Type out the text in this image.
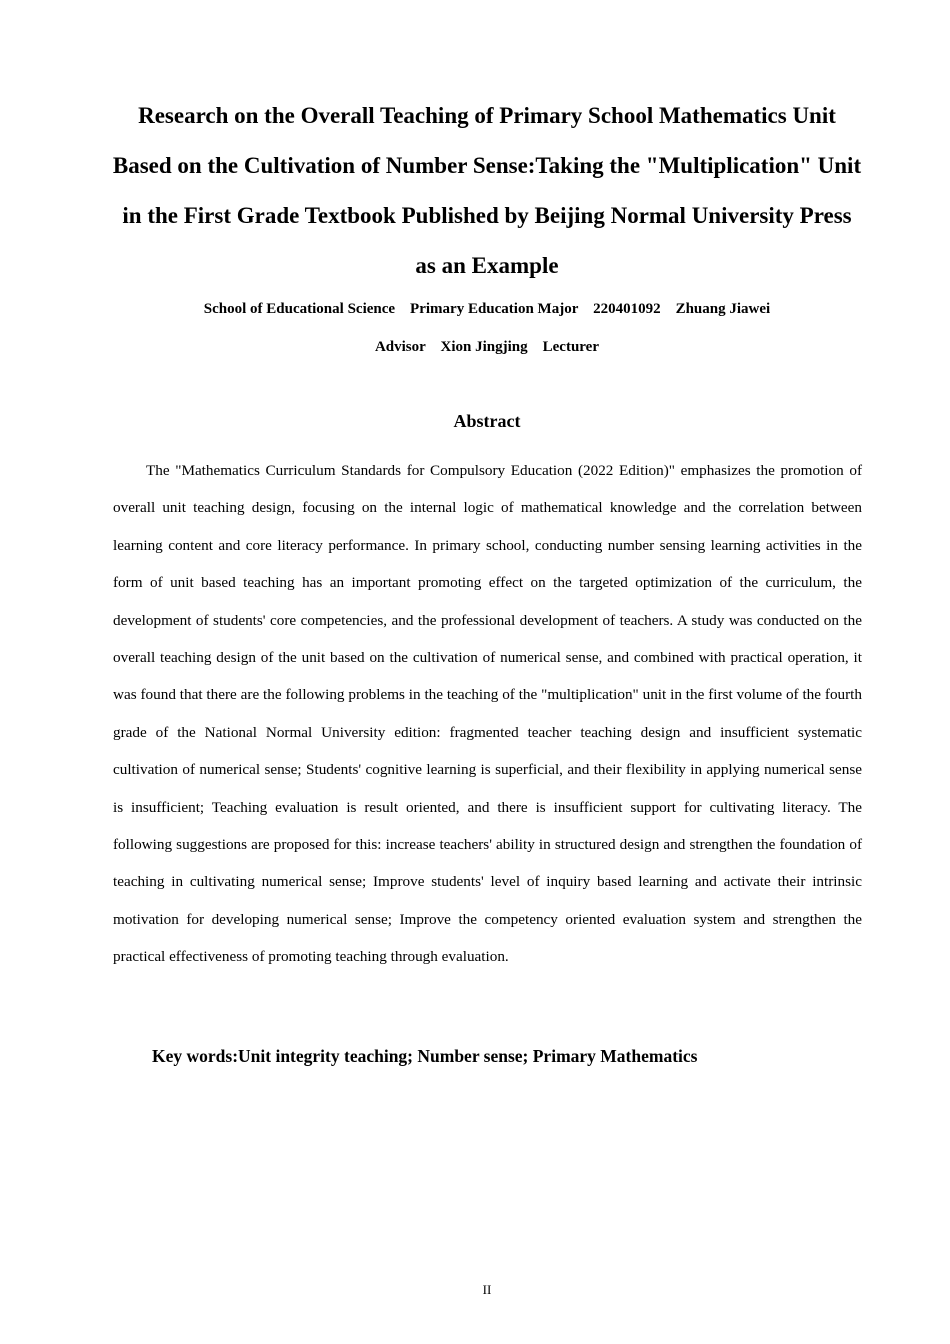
Research on the Overall Teaching of Primary School Mathematics Unit Based on the Cultivation of Number Sense:Taking the "Multiplication" Unit in the First Grade Textbook Published by Beijing Normal University Press as an Example
School of Educational Science    Primary Education Major    220401092    Zhuang Jiawei
Advisor    Xion Jingjing    Lecturer
Abstract

The "Mathematics Curriculum Standards for Compulsory Education (2022 Edition)" emphasizes the promotion of overall unit teaching design, focusing on the internal logic of mathematical knowledge and the correlation between learning content and core literacy performance. In primary school, conducting number sensing learning activities in the form of unit based teaching has an important promoting effect on the targeted optimization of the curriculum, the development of students' core competencies, and the professional development of teachers. A study was conducted on the overall teaching design of the unit based on the cultivation of numerical sense, and combined with practical operation, it was found that there are the following problems in the teaching of the "multiplication" unit in the first volume of the fourth grade of the National Normal University edition: fragmented teacher teaching design and insufficient systematic cultivation of numerical sense; Students' cognitive learning is superficial, and their flexibility in applying numerical sense is insufficient; Teaching evaluation is result oriented, and there is insufficient support for cultivating literacy. The following suggestions are proposed for this: increase teachers' ability in structured design and strengthen the foundation of teaching in cultivating numerical sense; Improve students' level of inquiry based learning and activate their intrinsic motivation for developing numerical sense; Improve the competency oriented evaluation system and strengthen the practical effectiveness of promoting teaching through evaluation.

Key words:Unit integrity teaching; Number sense; Primary Mathematics

II
